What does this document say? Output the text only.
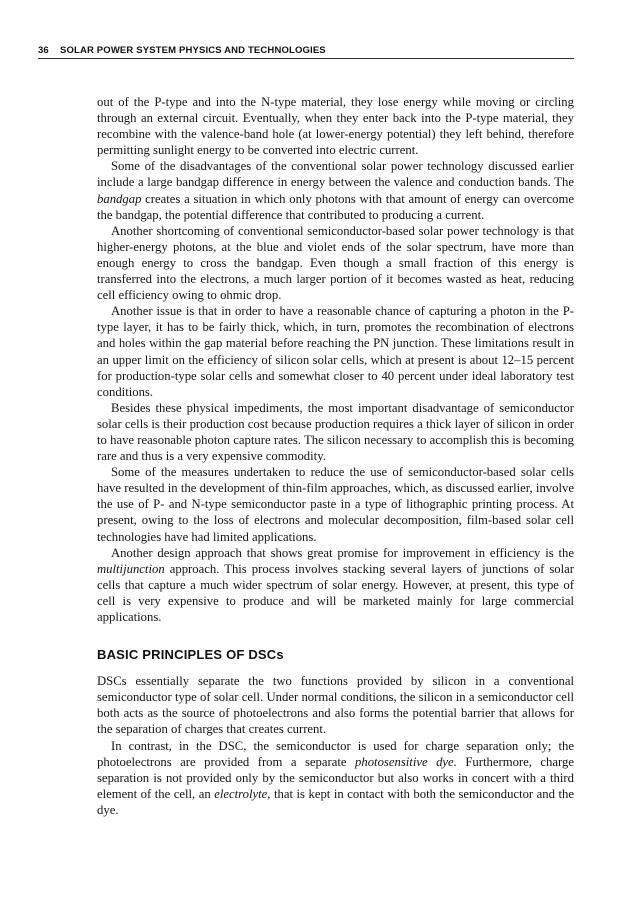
36 SOLAR POWER SYSTEM PHYSICS AND TECHNOLOGIES

out of the P-type and into the N-type material, they lose energy while moving or circling through an external circuit. Eventually, when they enter back into the P-type material, they recombine with the valence-band hole (at lower-energy potential) they left behind, therefore permitting sunlight energy to be converted into electric current.

Some of the disadvantages of the conventional solar power technology discussed earlier include a large bandgap difference in energy between the valence and conduction bands. The bandgap creates a situation in which only photons with that amount of energy can overcome the bandgap, the potential difference that contributed to producing a current.

Another shortcoming of conventional semiconductor-based solar power technology is that higher-energy photons, at the blue and violet ends of the solar spectrum, have more than enough energy to cross the bandgap. Even though a small fraction of this energy is transferred into the electrons, a much larger portion of it becomes wasted as heat, reducing cell efficiency owing to ohmic drop.

Another issue is that in order to have a reasonable chance of capturing a photon in the P-type layer, it has to be fairly thick, which, in turn, promotes the recombination of electrons and holes within the gap material before reaching the PN junction. These limitations result in an upper limit on the efficiency of silicon solar cells, which at present is about 12–15 percent for production-type solar cells and somewhat closer to 40 percent under ideal laboratory test conditions.

Besides these physical impediments, the most important disadvantage of semiconductor solar cells is their production cost because production requires a thick layer of silicon in order to have reasonable photon capture rates. The silicon necessary to accomplish this is becoming rare and thus is a very expensive commodity.

Some of the measures undertaken to reduce the use of semiconductor-based solar cells have resulted in the development of thin-film approaches, which, as discussed earlier, involve the use of P- and N-type semiconductor paste in a type of lithographic printing process. At present, owing to the loss of electrons and molecular decomposition, film-based solar cell technologies have had limited applications.

Another design approach that shows great promise for improvement in efficiency is the multijunction approach. This process involves stacking several layers of junctions of solar cells that capture a much wider spectrum of solar energy. However, at present, this type of cell is very expensive to produce and will be marketed mainly for large commercial applications.

BASIC PRINCIPLES OF DSCs

DSCs essentially separate the two functions provided by silicon in a conventional semiconductor type of solar cell. Under normal conditions, the silicon in a semiconductor cell both acts as the source of photoelectrons and also forms the potential barrier that allows for the separation of charges that creates current.

In contrast, in the DSC, the semiconductor is used for charge separation only; the photoelectrons are provided from a separate photosensitive dye. Furthermore, charge separation is not provided only by the semiconductor but also works in concert with a third element of the cell, an electrolyte, that is kept in contact with both the semiconductor and the dye.
